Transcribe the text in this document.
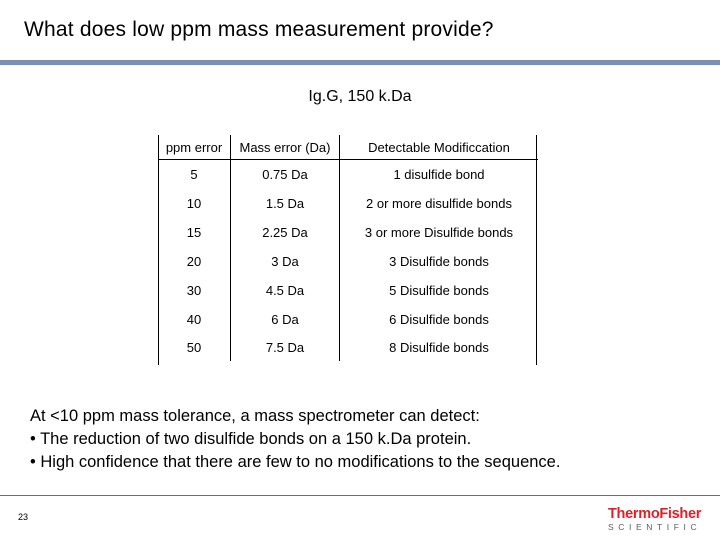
What does low ppm mass measurement provide?
Ig.G, 150 k.Da
ppm error	Mass error (Da)	Detectable Modificcation
5	0.75 Da	1 disulfide bond
10	1.5 Da	2 or more disulfide bonds
15	2.25 Da	3 or more Disulfide bonds
20	3 Da	3 Disulfide bonds
30	4.5 Da	5 Disulfide bonds
40	6 Da	6 Disulfide bonds
50	7.5 Da	8 Disulfide bonds
At <10 ppm mass tolerance, a mass spectrometer can detect:
• The reduction of two disulfide bonds on a 150 k.Da protein.
• High confidence that there are few to no modifications to the sequence.
23	ThermoFisher
SCIENTIFIC
